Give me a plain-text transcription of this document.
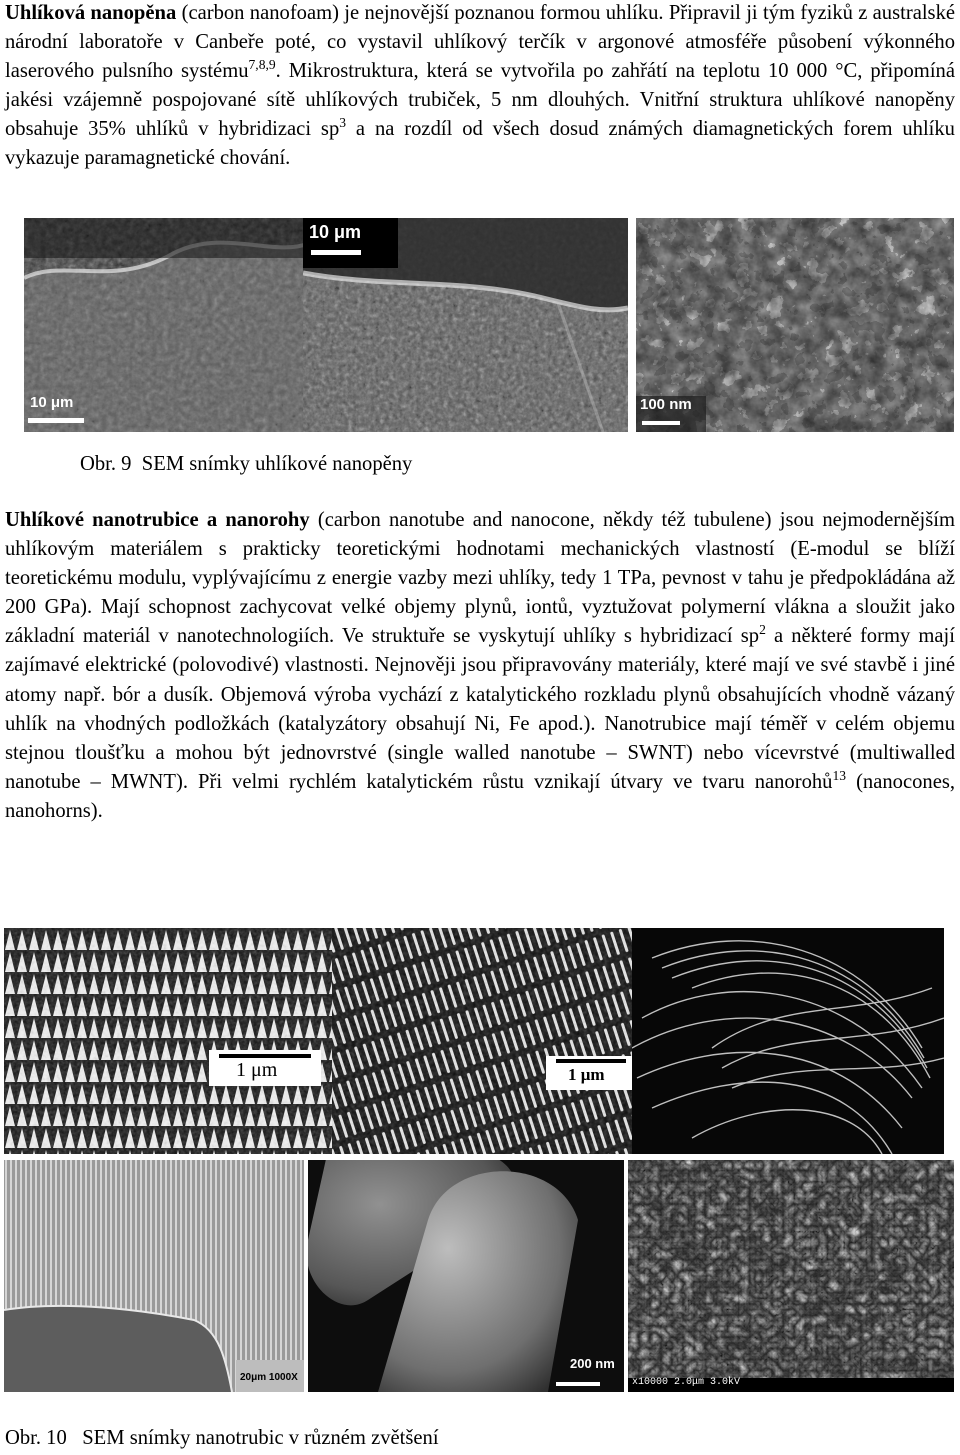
Uhlíková nanopěna (carbon nanofoam) je nejnovější poznanou formou uhlíku. Připravil ji tým fyziků z australské národní laboratoře v Canbeře poté, co vystavil uhlíkový terčík v argonové atmosféře působení výkonného laserového pulsního systému$^{7,8,9}$. Mikrostruktura, která se vytvořila po zahřátí na teplotu 10 000 °C, připomíná jakési vzájemně pospojované sítě uhlíkových trubiček, 5 nm dlouhých. Vnitřní struktura uhlíkové nanopěny obsahuje 35% uhlíků v hybridizaci $sp^3$ a na rozdíl od všech dosud známých diamagnetických forem uhlíku vykazuje paramagnetické chování.

10 μm
10 μm
100 nm

Obr. 9  SEM snímky uhlíkové nanopěny

Uhlíkové nanotrubice a nanorohy (carbon nanotube and nanocone, někdy též tubulene) jsou nejmodernějším uhlíkovým materiálem s prakticky teoretickými hodnotami mechanických vlastností (E-modul se blíží teoretickému modulu, vyplývajícímu z energie vazby mezi uhlíky, tedy 1 TPa, pevnost v tahu je předpokládána až 200 GPa). Mají schopnost zachycovat velké objemy plynů, iontů, vyztužovat polymerní vlákna a sloužit jako základní materiál v nanotechnologiích. Ve struktuře se vyskytují uhlíky s hybridizací $sp^2$ a některé formy mají zajímavé elektrické (polovodivé) vlastnosti. Nejnověji jsou připravovány materiály, které mají ve své stavbě i jiné atomy např. bór a dusík. Objemová výroba vychází z katalytického rozkladu plynů obsahujících vhodně vázaný uhlík na vhodných podložkách (katalyzátory obsahují Ni, Fe apod.). Nanotrubice mají téměř v celém objemu stejnou tloušťku a mohou být jednovrstvé (single walled nanotube – SWNT) nebo vícevrstvé (multiwalled nanotube – MWNT). Při velmi rychlém katalytickém růstu vznikají útvary ve tvaru nanorohů$^{13}$ (nanocones, nanohorns).

1 μm	1 μm
20μm 1000X
200 nm
x10000 2.0μm 3.0kV

Obr. 10   SEM snímky nanotrubic v různém zvětšení
